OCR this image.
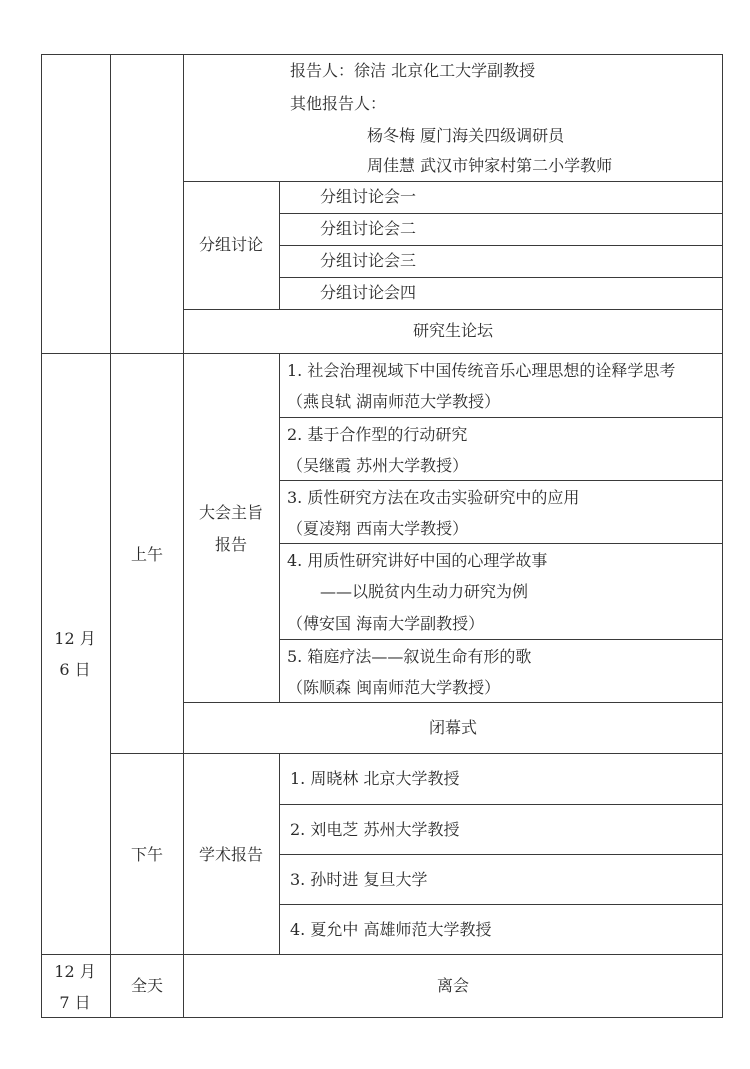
报告人：徐洁 北京化工大学副教授
其他报告人：
杨冬梅 厦门海关四级调研员
周佳慧 武汉市钟家村第二小学教师
分组讨论
分组讨论会一
分组讨论会二
分组讨论会三
分组讨论会四
研究生论坛
12 月
6 日
上午
大会主旨
报告
1. 社会治理视域下中国传统音乐心理思想的诠释学思考
（燕良轼 湖南师范大学教授）
2. 基于合作型的行动研究
（吴继霞 苏州大学教授）
3. 质性研究方法在攻击实验研究中的应用
（夏凌翔 西南大学教授）
4. 用质性研究讲好中国的心理学故事
——以脱贫内生动力研究为例
（傅安国 海南大学副教授）
5. 箱庭疗法——叙说生命有形的歌
（陈顺森 闽南师范大学教授）
闭幕式
下午 学术报告
1. 周晓林 北京大学教授
2. 刘电芝 苏州大学教授
3. 孙时进 复旦大学
4. 夏允中 高雄师范大学教授
12 月
7 日
全天	离会
